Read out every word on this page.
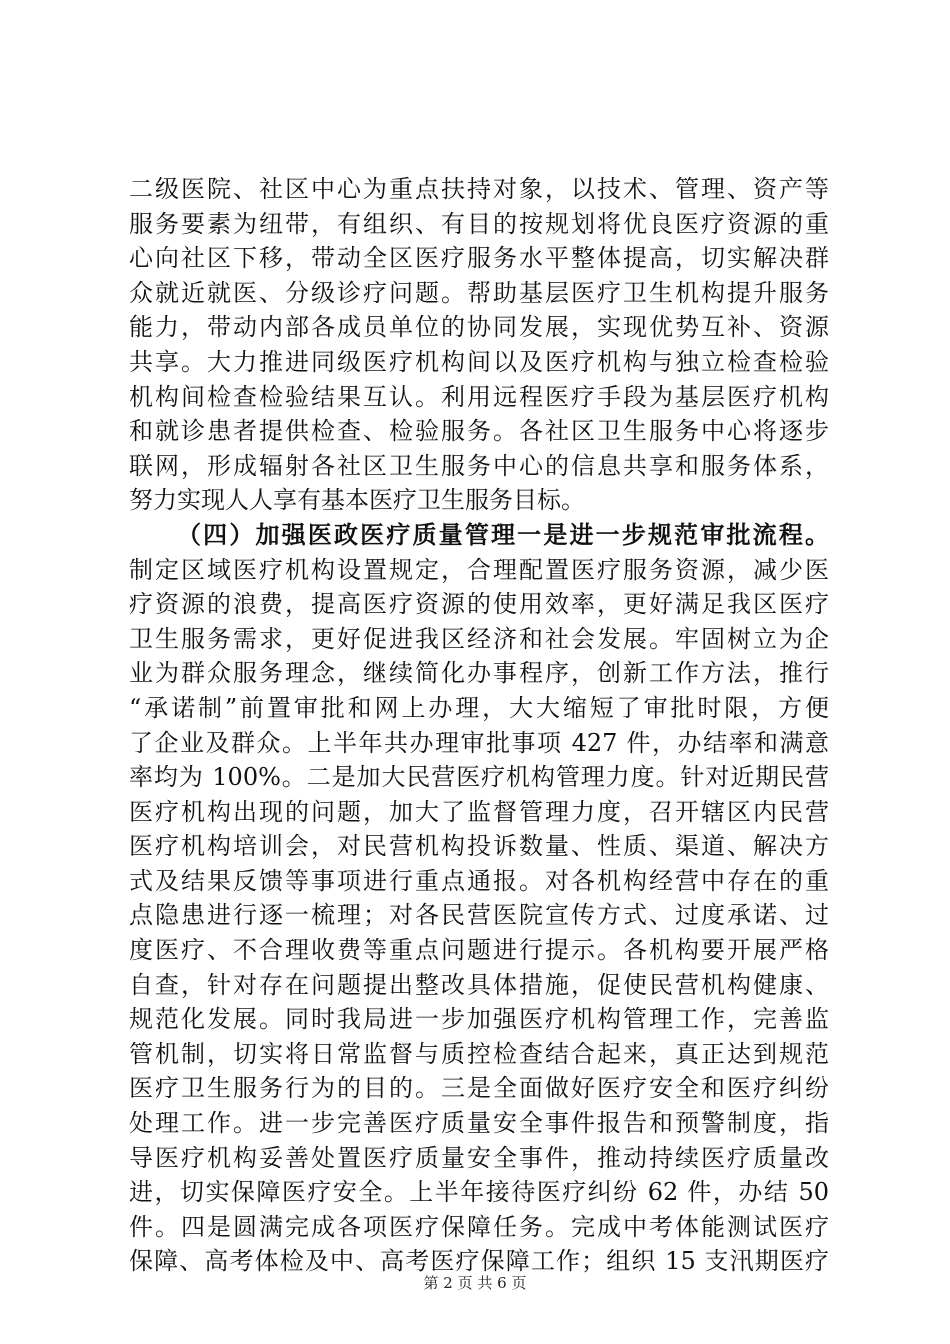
二级医院、社区中心为重点扶持对象，以技术、管理、资产等
服务要素为纽带，有组织、有目的按规划将优良医疗资源的重
心向社区下移，带动全区医疗服务水平整体提高，切实解决群
众就近就医、分级诊疗问题。帮助基层医疗卫生机构提升服务
能力，带动内部各成员单位的协同发展，实现优势互补、资源
共享。大力推进同级医疗机构间以及医疗机构与独立检查检验
机构间检查检验结果互认。利用远程医疗手段为基层医疗机构
和就诊患者提供检查、检验服务。各社区卫生服务中心将逐步
联网，形成辐射各社区卫生服务中心的信息共享和服务体系，
努力实现人人享有基本医疗卫生服务目标。
（四）加强医政医疗质量管理一是进一步规范审批流程。
制定区域医疗机构设置规定，合理配置医疗服务资源，减少医
疗资源的浪费，提高医疗资源的使用效率，更好满足我区医疗
卫生服务需求，更好促进我区经济和社会发展。牢固树立为企
业为群众服务理念，继续简化办事程序，创新工作方法，推行
“承诺制”前置审批和网上办理，大大缩短了审批时限，方便
了企业及群众。上半年共办理审批事项 427 件，办结率和满意
率均为 100%。二是加大民营医疗机构管理力度。针对近期民营
医疗机构出现的问题，加大了监督管理力度，召开辖区内民营
医疗机构培训会，对民营机构投诉数量、性质、渠道、解决方
式及结果反馈等事项进行重点通报。对各机构经营中存在的重
点隐患进行逐一梳理；对各民营医院宣传方式、过度承诺、过
度医疗、不合理收费等重点问题进行提示。各机构要开展严格
自查，针对存在问题提出整改具体措施，促使民营机构健康、
规范化发展。同时我局进一步加强医疗机构管理工作，完善监
管机制，切实将日常监督与质控检查结合起来，真正达到规范
医疗卫生服务行为的目的。三是全面做好医疗安全和医疗纠纷
处理工作。进一步完善医疗质量安全事件报告和预警制度，指
导医疗机构妥善处置医疗质量安全事件，推动持续医疗质量改
进，切实保障医疗安全。上半年接待医疗纠纷 62 件，办结 50
件。四是圆满完成各项医疗保障任务。完成中考体能测试医疗
保障、高考体检及中、高考医疗保障工作；组织 15 支汛期医疗
第 2 页 共 6 页
